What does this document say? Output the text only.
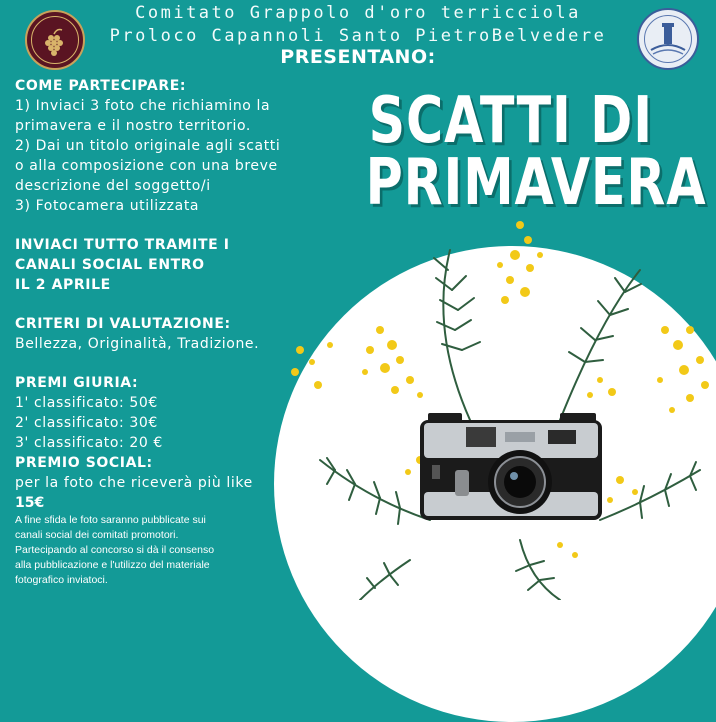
Comitato Grappolo d'oro terricciola
Proloco Capannoli Santo PietroBelvedere
PRESENTANO:
SCATTI DI
PRIMAVERA
COME PARTECIPARE:
1) Inviaci 3 foto che richiamino la
primavera e il nostro territorio.
2) Dai un titolo originale agli scatti
o alla composizione con una breve
descrizione del soggetto/i
3) Fotocamera utilizzata
INVIACI TUTTO TRAMITE I
CANALI SOCIAL ENTRO
IL 2 APRILE
CRITERI DI VALUTAZIONE:
Bellezza, Originalità, Tradizione.
PREMI GIURIA:
1' classificato: 50€
2' classificato: 30€
3' classificato: 20 €
PREMIO SOCIAL:
per la foto che riceverà più like
15€
A fine sfida le foto saranno pubblicate sui
canali social dei comitati promotori.
Partecipando al concorso si dà il consenso
alla pubblicazione e l'utilizzo del materiale
fotografico inviatoci.
